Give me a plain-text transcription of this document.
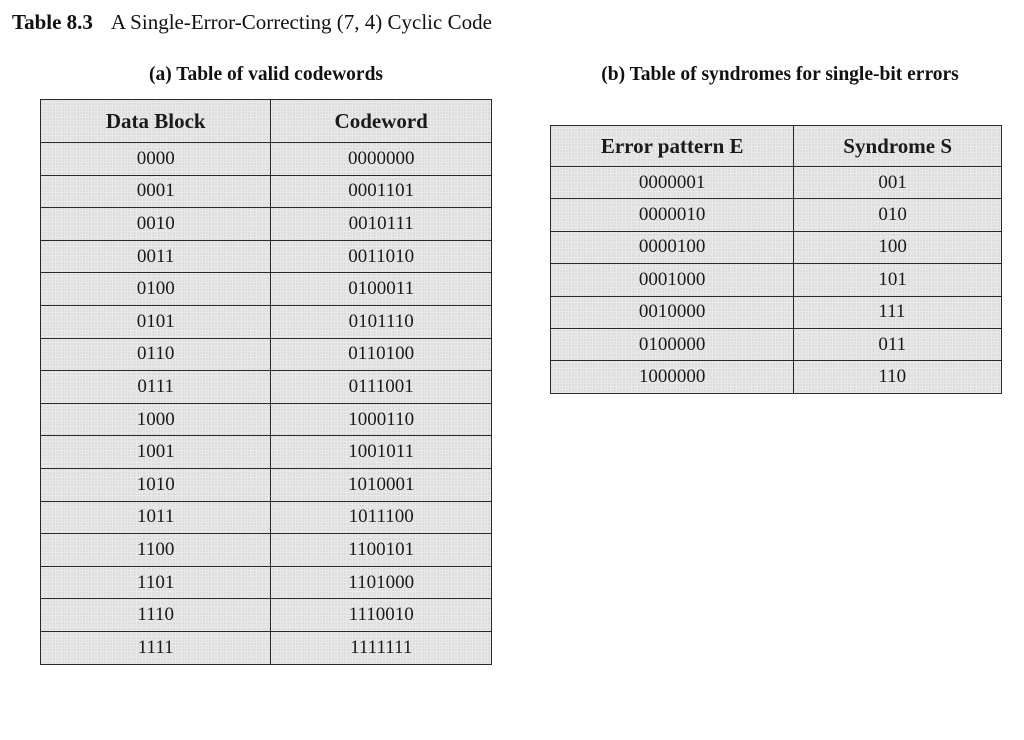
Table 8.3 A Single-Error-Correcting (7, 4) Cyclic Code
(a) Table of valid codewords	(b) Table of syndromes for single-bit errors
Data Block	Codeword
0000	0000000
0001	0001101
0010	0010111
0011	0011010
0100	0100011
0101	0101110
0110	0110100
0111	0111001
1000	1000110
1001	1001011
1010	1010001
1011	1011100
1100	1100101
1101	1101000
1110	1110010
1111	1111111
Error pattern E	Syndrome S
0000001	001
0000010	010
0000100	100
0001000	101
0010000	111
0100000	011
1000000	110
